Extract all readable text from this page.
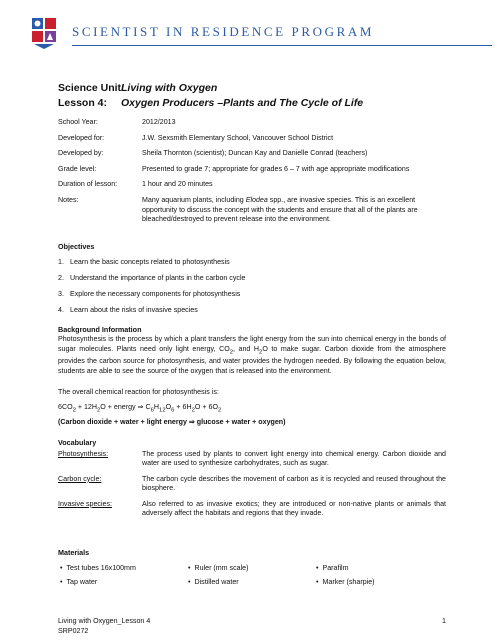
SCIENTIST IN RESIDENCE PROGRAM
Science Unit:Living with Oxygen
Lesson 4: Oxygen Producers –Plants and The Cycle of Life
School Year:	2012/2013
Developed for:	J.W. Sexsmith Elementary School, Vancouver School District
Developed by:	Sheila Thornton (scientist); Duncan Kay and Danielle Conrad (teachers)
Grade level:	Presented to grade 7; appropriate for grades 6 – 7 with age appropriate modifications
Duration of lesson:	1 hour and 20 minutes
Notes:	Many aquarium plants, including Elodea spp., are invasive species. This is an excellent opportunity to discuss the concept with the students and ensure that all of the plants are bleached/destroyed to prevent release into the environment.
Objectives
1. Learn the basic concepts related to photosynthesis
2. Understand the importance of plants in the carbon cycle
3. Explore the necessary components for photosynthesis
4. Learn about the risks of invasive species
Background Information
Photosynthesis is the process by which a plant transfers the light energy from the sun into chemical energy in the bonds of sugar molecules. Plants need only light energy, $CO_2$, and $H_2O$ to make sugar. Carbon dioxide from the atmosphere provides the carbon source for photosynthesis, and water provides the hydrogen needed. By following the equation below, students are able to see the source of the oxygen that is released into the environment.
The overall chemical reaction for photosynthesis is:
$6CO_2 + 12H_2O$ + energy ⇒ $C_6H_{12}O_6 + 6H_2O + 6O_2$
(Carbon dioxide + water + light energy ⇒ glucose + water + oxygen)
Vocabulary
Photosynthesis:	The process used by plants to convert light energy into chemical energy. Carbon dioxide and water are used to synthesize carbohydrates, such as sugar.
Carbon cycle:	The carbon cycle describes the movement of carbon as it is recycled and reused throughout the biosphere.
Invasive species:	Also referred to as invasive exotics; they are introduced or non-native plants or animals that adversely affect the habitats and regions that they invade.
Materials
• Test tubes 16x100mm	• Ruler (mm scale)	• Parafilm
• Tap water	• Distilled water	• Marker (sharpie)
Living with Oxygen_Lesson 4
SRP0272
1
